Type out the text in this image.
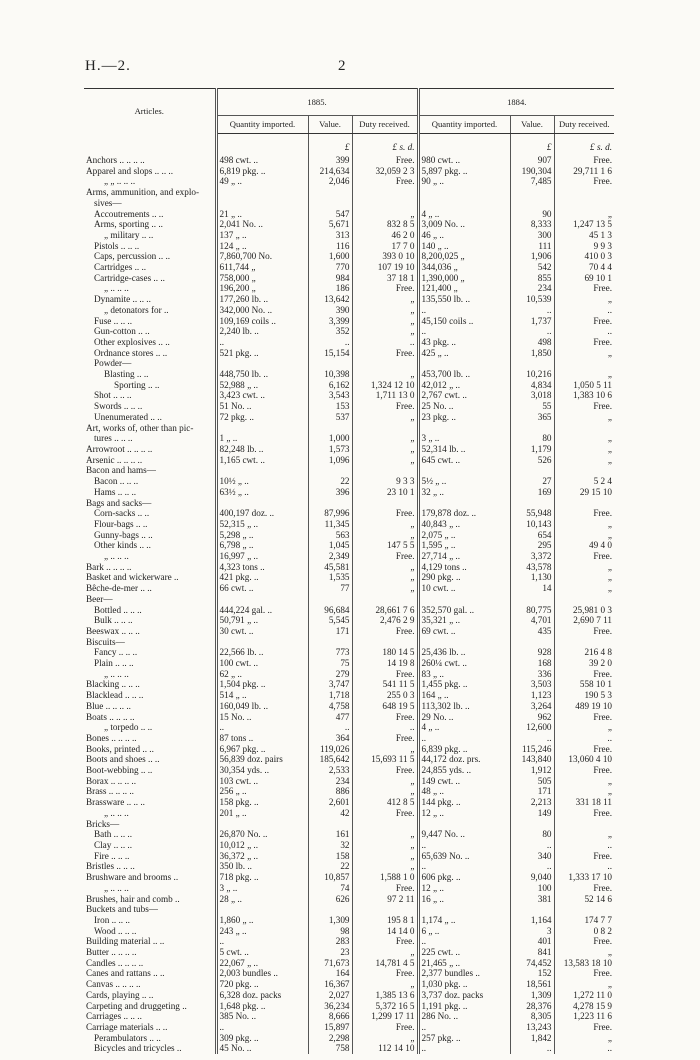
H.—2.	2
Articles.	1885.			1884.		
	Quantity imported.	Value.	Duty received.	Quantity imported.	Value.	Duty received.
		£	£ s. d.		£	£ s. d.
Anchors .. .. .. ..	498 cwt. ..	399	Free.	980 cwt. ..	907	Free.
Apparel and slops .. .. ..	6,819 pkg. ..	214,634	32,059 2 3	5,897 pkg. ..	190,304	29,711 1 6
„ „ .. .. ..	49 „ ..	2,046	Free.	90 „ ..	7,485	Free.
Arms, ammunition, and explo-						
sives—						
Accoutrements .. ..	21 „ ..	547	„	4 „ ..	90	„
Arms, sporting .. ..	2,041 No. ..	5,671	832 8 5	3,009 No. ..	8,333	1,247 13 5
„ military .. ..	137 „ ..	313	46 2 0	46 „ ..	300	45 1 3
Pistols .. .. ..	124 „ ..	116	17 7 0	140 „ ..	111	9 9 3
Caps, percussion .. ..	7,860,700 No.	1,600	393 0 10	8,200,025 „	1,906	410 0 3
Cartridges .. ..	611,744 „	770	107 19 10	344,036 „	542	70 4 4
Cartridge-cases .. ..	758,000 „	984	37 18 1	1,390,000 „	855	69 10 1
„ .. .. ..	196,200 „	186	Free.	121,400 „	234	Free.
Dynamite .. .. ..	177,260 lb. ..	13,642	„	135,550 lb. ..	10,539	„
„ detonators for ..	342,000 No. ..	390	„	..	..	..
Fuse .. .. ..	109,169 coils ..	3,399	„	45,150 coils ..	1,737	Free.
Gun-cotton .. ..	2,240 lb. ..	352	„	..	..	..
Other explosives .. ..	..	..	..	43 pkg. ..	498	Free.
Ordnance stores .. ..	521 pkg. ..	15,154	Free.	425 „ ..	1,850	„
Powder—						
Blasting .. ..	448,750 lb. ..	10,398	„	453,700 lb. ..	10,216	„
Sporting .. ..	52,988 „ ..	6,162	1,324 12 10	42,012 „ ..	4,834	1,050 5 11
Shot .. .. ..	3,423 cwt. ..	3,543	1,711 13 0	2,767 cwt. ..	3,018	1,383 10 6
Swords .. .. ..	51 No. ..	153	Free.	25 No. ..	55	Free.
Unenumerated .. ..	72 pkg. ..	537	„	23 pkg. ..	365	„
Art, works of, other than pic-						
tures .. .. ..	1 „ ..	1,000	„	3 „ ..	80	„
Arrowroot .. .. .. ..	82,248 lb. ..	1,573	„	52,314 lb. ..	1,179	„
Arsenic .. .. .. ..	1,165 cwt. ..	1,096	„	645 cwt. ..	526	„
Bacon and hams—						
Bacon .. .. ..	10½ „ ..	22	9 3 3	5½ „ ..	27	5 2 4
Hams .. .. ..	63½ „ ..	396	23 10 1	32 „ ..	169	29 15 10
Bags and sacks—						
Corn-sacks .. ..	400,197 doz. ..	87,996	Free.	179,878 doz. ..	55,948	Free.
Flour-bags .. ..	52,315 „ ..	11,345	„	40,843 „ ..	10,143	„
Gunny-bags .. ..	5,298 „ ..	563	„	2,075 „ ..	654	„
Other kinds .. ..	6,798 „ ..	1,045	147 5 5	1,595 „ ..	295	49 4 0
„ .. .. ..	16,997 „ ..	2,349	Free.	27,714 „ ..	3,372	Free.
Bark .. .. .. ..	4,323 tons ..	45,581	„	4,129 tons ..	43,578	„
Basket and wickerware ..	421 pkg. ..	1,535	„	290 pkg. ..	1,130	„
Bêche-de-mer .. ..	66 cwt. ..	77	„	10 cwt. ..	14	„
Beer—						
Bottled .. .. ..	444,224 gal. ..	96,684	28,661 7 6	352,570 gal. ..	80,775	25,981 0 3
Bulk .. .. ..	50,791 „ ..	5,545	2,476 2 9	35,321 „ ..	4,701	2,690 7 11
Beeswax .. .. ..	30 cwt. ..	171	Free.	69 cwt. ..	435	Free.
Biscuits—						
Fancy .. .. ..	22,566 lb. ..	773	180 14 5	25,436 lb. ..	928	216 4 8
Plain .. .. ..	100 cwt. ..	75	14 19 8	260¼ cwt. ..	168	39 2 0
„ .. .. ..	62 „ ..	279	Free.	83 „ ..	336	Free.
Blacking .. .. ..	1,504 pkg. ..	3,747	541 11 5	1,455 pkg. ..	3,503	558 10 1
Blacklead .. .. ..	514 „ ..	1,718	255 0 3	164 „ ..	1,123	190 5 3
Blue .. .. .. ..	160,049 lb. ..	4,758	648 19 5	113,302 lb. ..	3,264	489 19 10
Boats .. .. .. ..	15 No. ..	477	Free.	29 No. ..	962	Free.
„ torpedo .. ..	..	..	..	4 „ ..	12,600	„
Bones .. .. .. ..	87 tons ..	364	Free.	..	..	..
Books, printed .. ..	6,967 pkg. ..	119,026	„	6,839 pkg. ..	115,246	Free.
Boots and shoes .. ..	56,839 doz. pairs	185,642	15,693 11 5	44,172 doz. prs.	143,840	13,060 4 10
Boot-webbing .. ..	30,354 yds. ..	2,533	Free.	24,855 yds. ..	1,912	Free.
Borax .. .. .. ..	103 cwt. ..	234	„	149 cwt. ..	505	„
Brass .. .. .. ..	256 „ ..	886	„	48 „ ..	171	„
Brassware .. .. ..	158 pkg. ..	2,601	412 8 5	144 pkg. ..	2,213	331 18 11
„ .. .. ..	201 „ ..	42	Free.	12 „ ..	149	Free.
Bricks—						
Bath .. .. ..	26,870 No. ..	161	„	9,447 No. ..	80	„
Clay .. .. ..	10,012 „ ..	32	„	..	..	..
Fire .. .. ..	36,372 „ ..	158	„	65,639 No. ..	340	Free.
Bristles .. .. ..	350 lb. ..	22	„	..	..	..
Brushware and brooms ..	718 pkg. ..	10,857	1,588 1 0	606 pkg. ..	9,040	1,333 17 10
„ .. .. ..	3 „ ..	74	Free.	12 „ ..	100	Free.
Brushes, hair and comb ..	28 „ ..	626	97 2 11	16 „ ..	381	52 14 6
Buckets and tubs—						
Iron .. .. ..	1,860 „ ..	1,309	195 8 1	1,174 „ ..	1,164	174 7 7
Wood .. .. ..	243 „ ..	98	14 14 0	6 „ ..	3	0 8 2
Building material .. ..	..	283	Free.	..	401	Free.
Butter .. .. .. ..	5 cwt. ..	23	„	225 cwt. ..	841	„
Candles .. .. .. ..	22,067 „ ..	71,673	14,781 4 5	21,465 „ ..	74,452	13,583 18 10
Canes and rattans .. ..	2,003 bundles ..	164	Free.	2,377 bundles ..	152	Free.
Canvas .. .. .. ..	720 pkg. ..	16,367	„	1,030 pkg. ..	18,561	„
Cards, playing .. ..	6,328 doz. packs	2,027	1,385 13 6	3,737 doz. packs	1,309	1,272 11 0
Carpeting and druggeting ..	1,648 pkg. ..	36,234	5,372 16 5	1,191 pkg. ..	28,376	4,278 15 9
Carriages .. .. ..	385 No. ..	8,666	1,299 17 11	286 No. ..	8,305	1,223 11 6
Carriage materials .. ..	..	15,897	Free.	..	13,243	Free.
Perambulators .. ..	309 pkg. ..	2,298	„	257 pkg. ..	1,842	„
Bicycles and tricycles ..	45 No. ..	758	112 14 10	..	..	..
